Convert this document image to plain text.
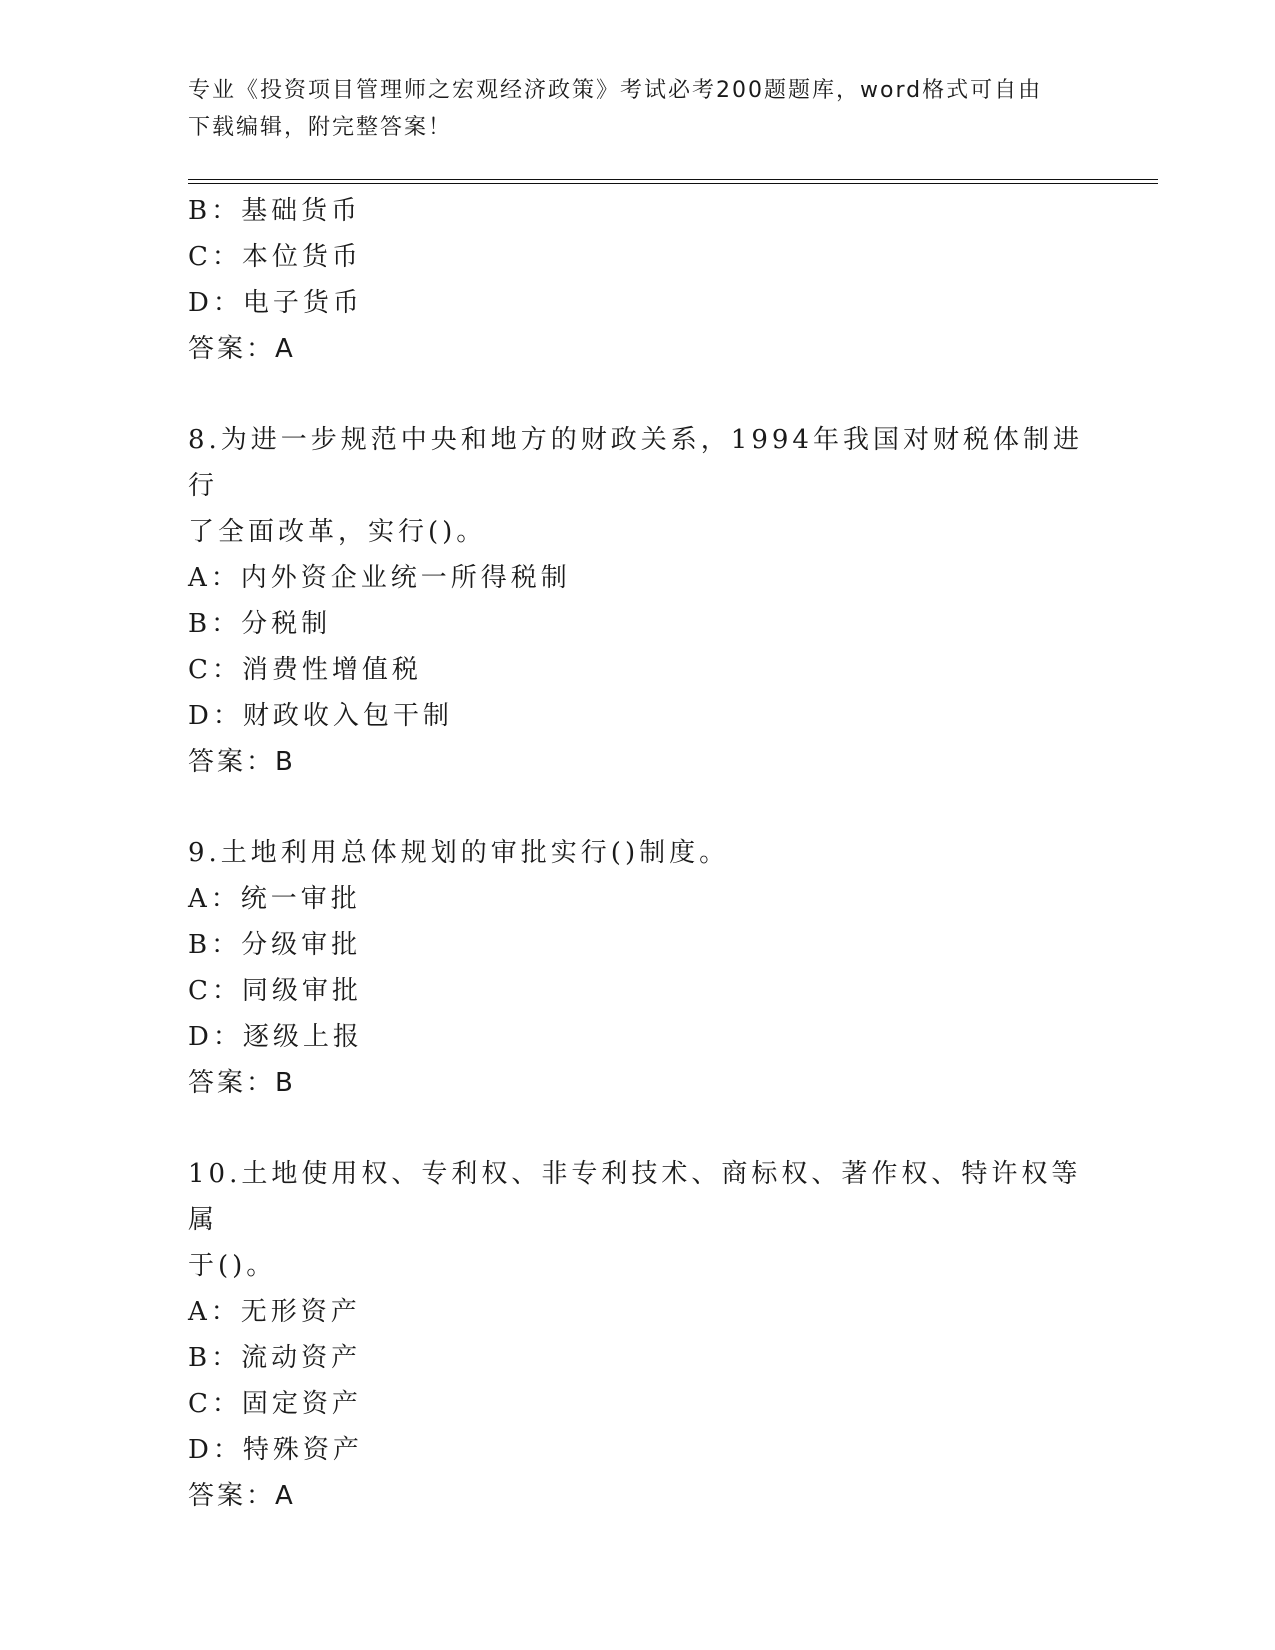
专业《投资项目管理师之宏观经济政策》考试必考200题题库，word格式可自由
下载编辑，附完整答案！
B：基础货币
C：本位货币
D：电子货币
答案：A
8.为进一步规范中央和地方的财政关系，1994年我国对财税体制进行
了全面改革，实行()。
A：内外资企业统一所得税制
B：分税制
C：消费性增值税
D：财政收入包干制
答案：B
9.土地利用总体规划的审批实行()制度。
A：统一审批
B：分级审批
C：同级审批
D：逐级上报
答案：B
10.土地使用权、专利权、非专利技术、商标权、著作权、特许权等属
于()。
A：无形资产
B：流动资产
C：固定资产
D：特殊资产
答案：A
